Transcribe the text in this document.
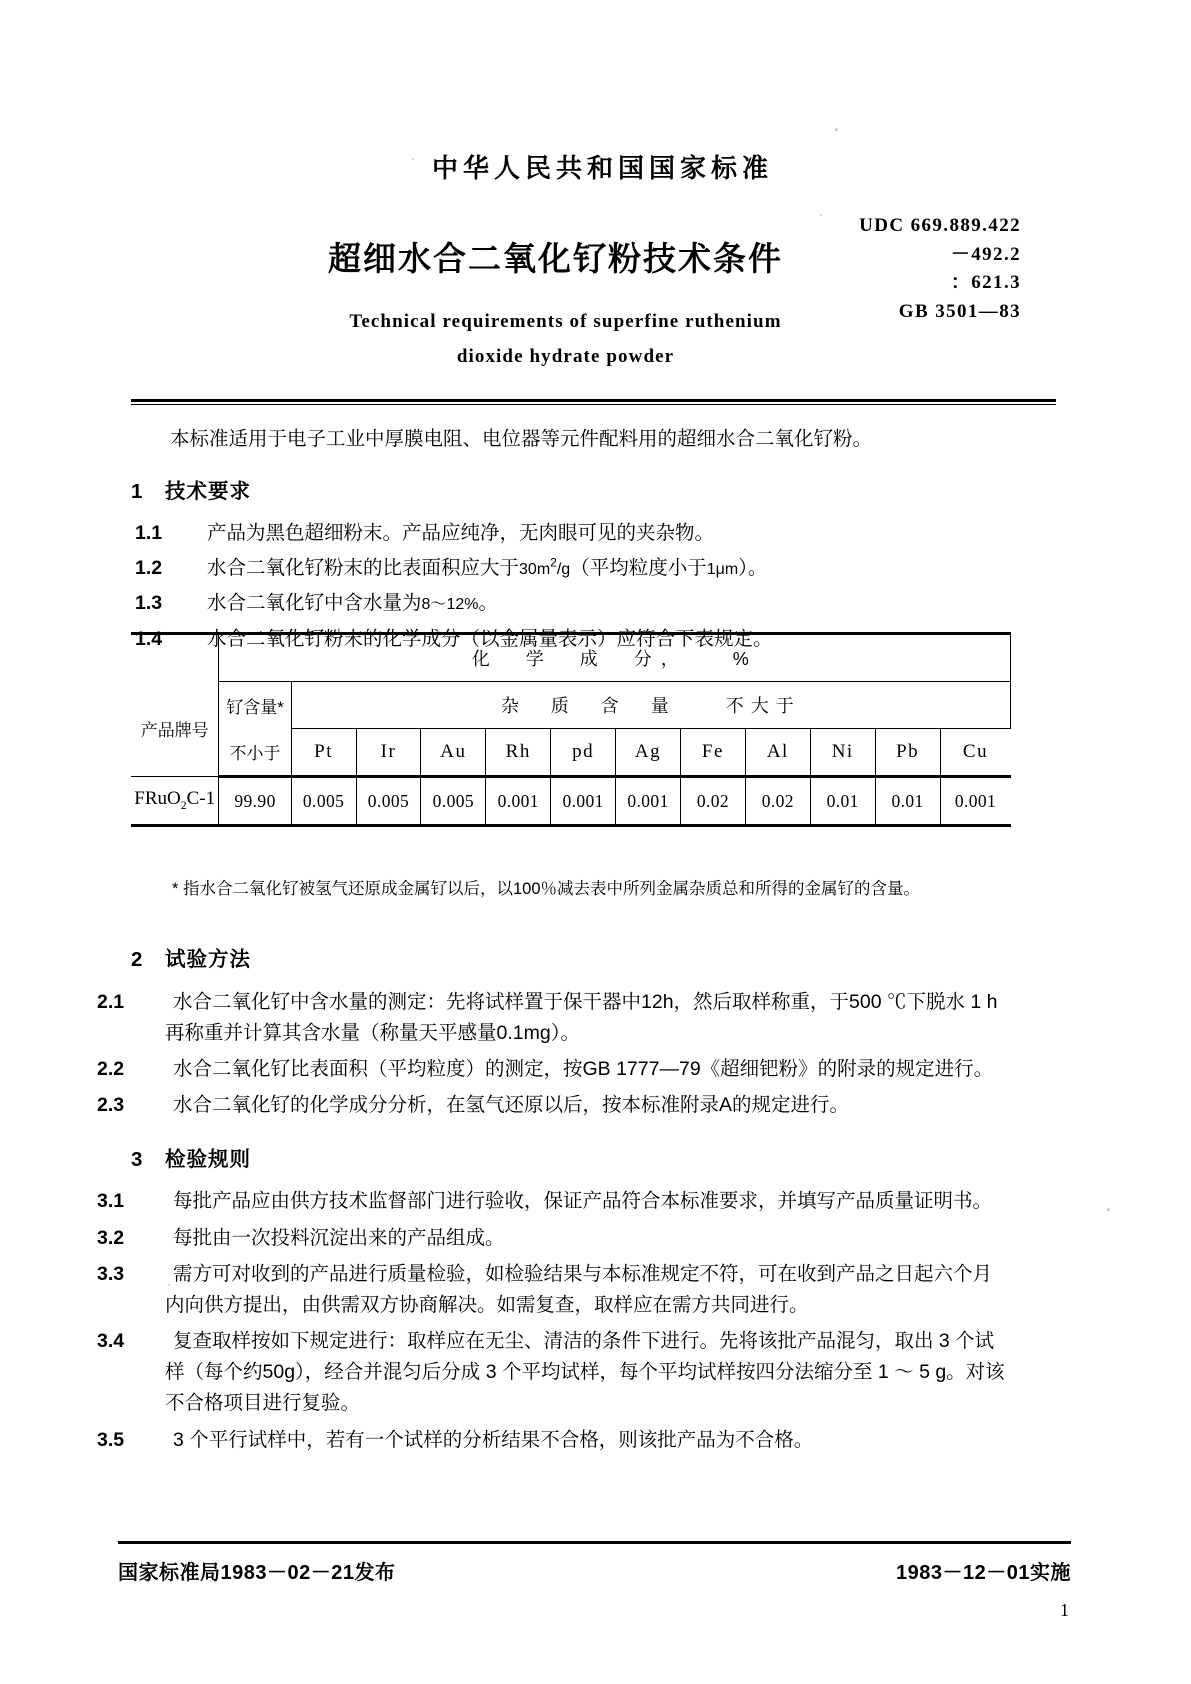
中华人民共和国国家标准
超细水合二氧化钌粉技术条件
Technical requirements of superfine ruthenium
dioxide hydrate powder
UDC 669.889.422
－492.2
：621.3
GB 3501—83

本标准适用于电子工业中厚膜电阻、电位器等元件配料用的超细水合二氧化钌粉。

1 技术要求

1.1 产品为黑色超细粉末。产品应纯净，无肉眼可见的夹杂物。

1.2 水合二氧化钌粉末的比表面积应大于$30m^2/g$（平均粒度小于1μm）。

1.3 水合二氧化钌中含水量为8～12%。

1.4 水合二氧化钌粉末的化学成分（以金属量表示）应符合下表规定。

	化　学　成　分，　　%											
产品牌号	钌含量*	杂　质　含　量　　不大于										
	不小于	Pt	Ir	Au	Rh	pd	Ag	Fe	Al	Ni	Pb	Cu
FRuO$_2$C-1	99.90	0.005	0.005	0.005	0.001	0.001	0.001	0.02	0.02	0.01	0.01	0.001
* 指水合二氧化钌被氢气还原成金属钌以后，以100％减去表中所列金属杂质总和所得的金属钌的含量。

2 试验方法

2.1	水合二氧化钌中含水量的测定：先将试样置于保干器中12h，然后取样称重，于500 ℃下脱水 1 h再称重并计算其含水量（称量天平感量0.1mg）。

2.2	水合二氧化钌比表面积（平均粒度）的测定，按GB 1777—79《超细钯粉》的附录的规定进行。

2.3	水合二氧化钌的化学成分分析，在氢气还原以后，按本标准附录A的规定进行。

3 检验规则

3.1	每批产品应由供方技术监督部门进行验收，保证产品符合本标准要求，并填写产品质量证明书。

3.2	每批由一次投料沉淀出来的产品组成。

3.3	需方可对收到的产品进行质量检验，如检验结果与本标准规定不符，可在收到产品之日起六个月内向供方提出，由供需双方协商解决。如需复查，取样应在需方共同进行。

3.4	复查取样按如下规定进行：取样应在无尘、清洁的条件下进行。先将该批产品混匀，取出 3 个试样（每个约50g），经合并混匀后分成 3 个平均试样，每个平均试样按四分法缩分至 1 ～ 5 g。对该不合格项目进行复验。

3.5	3 个平行试样中，若有一个试样的分析结果不合格，则该批产品为不合格。

国家标准局1983－02－21发布	1983－12－01实施
1
